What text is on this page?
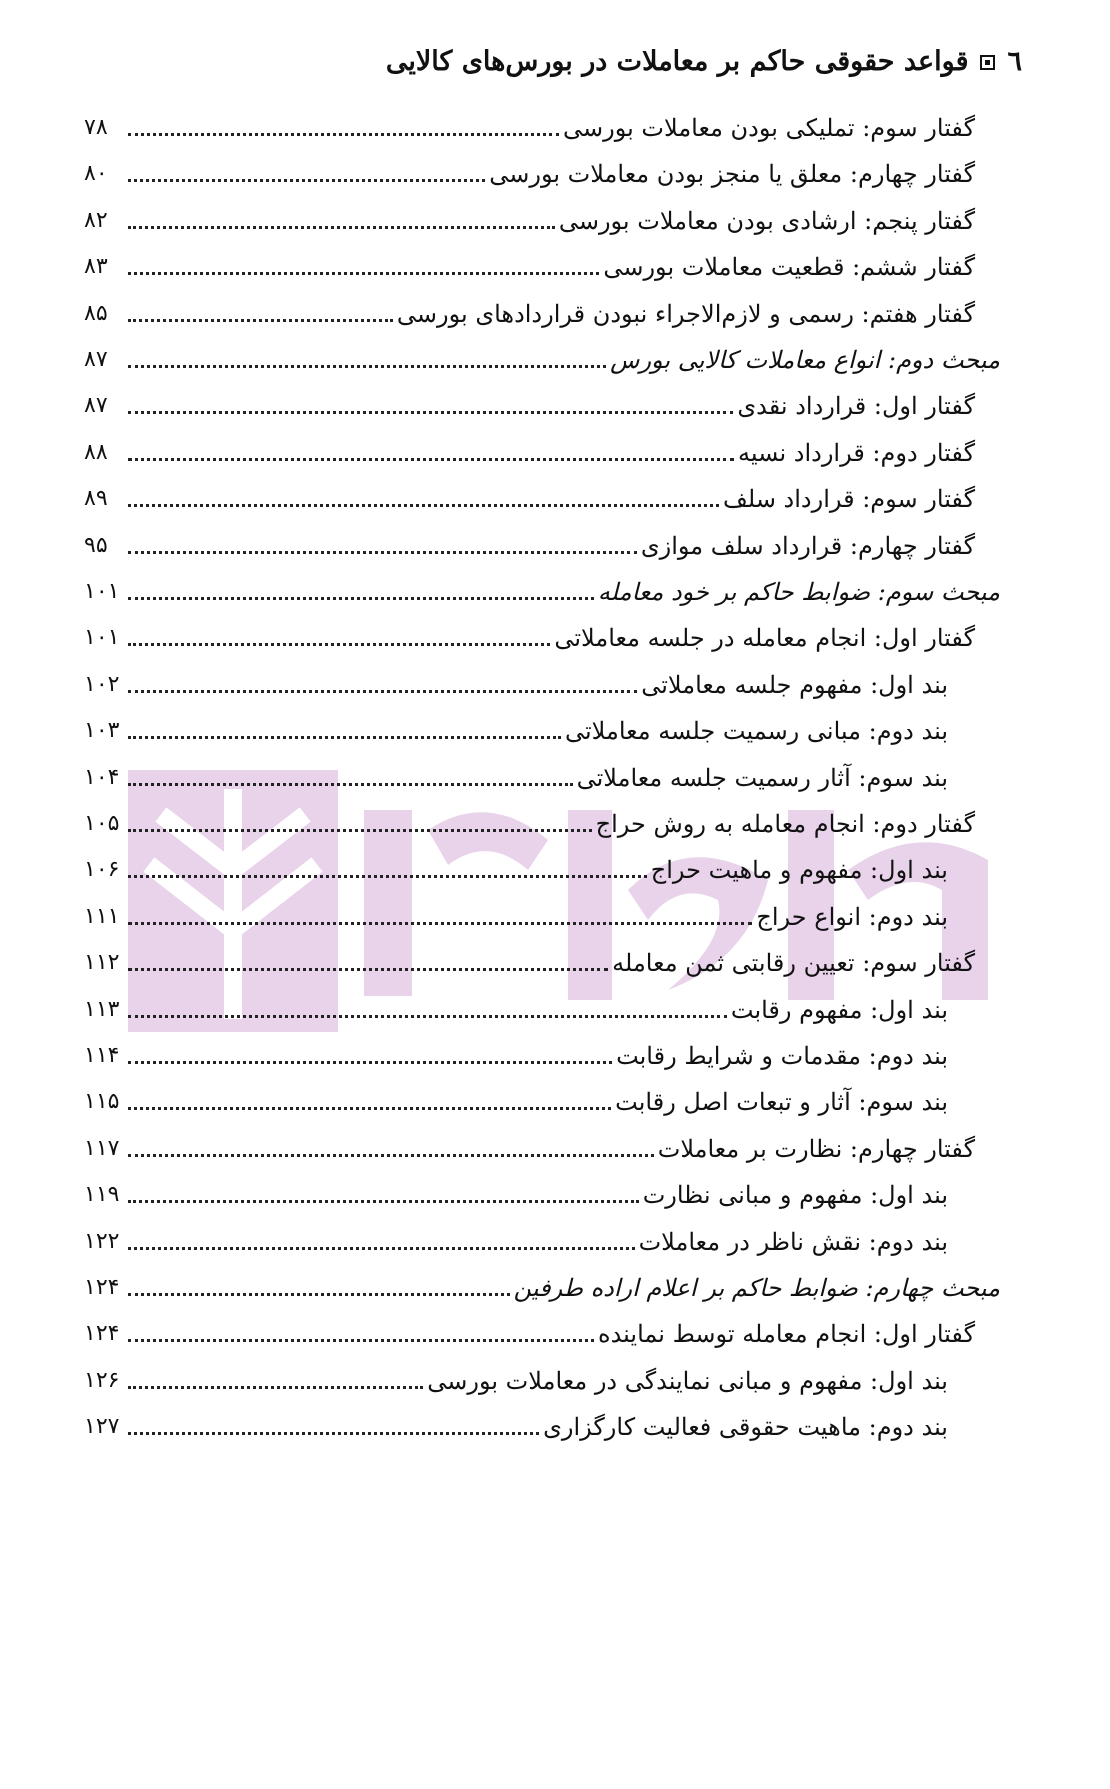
٦قواعد حقوقی حاکم بر معاملات در بورس‌های کالایی
گفتار سوم: تملیکی بودن معاملات بورسی
۷۸
گفتار چهارم: معلق یا منجز بودن معاملات بورسی
۸۰
گفتار پنجم: ارشادی بودن معاملات بورسی
۸۲
گفتار ششم: قطعیت معاملات بورسی
۸۳
گفتار هفتم: رسمی و لازم‌الاجراء نبودن قراردادهای بورسی
۸۵
مبحث دوم: انواع معاملات کالایی بورس
۸۷
گفتار اول: قرارداد نقدی
۸۷
گفتار دوم: قرارداد نسیه
۸۸
گفتار سوم: قرارداد سلف
۸۹
گفتار چهارم: قرارداد سلف موازی
۹۵
مبحث سوم: ضوابط حاکم بر خود معامله
۱۰۱
گفتار اول: انجام معامله در جلسه معاملاتی
۱۰۱
بند اول: مفهوم جلسه معاملاتی
۱۰۲
بند دوم: مبانی رسمیت جلسه معاملاتی
۱۰۳
بند سوم: آثار رسمیت جلسه معاملاتی
۱۰۴
گفتار دوم: انجام معامله به روش حراج
۱۰۵
بند اول: مفهوم و ماهیت حراج
۱۰۶
بند دوم: انواع حراج
۱۱۱
گفتار سوم: تعیین رقابتی ثمن معامله
۱۱۲
بند اول: مفهوم رقابت
۱۱۳
بند دوم: مقدمات و شرایط رقابت
۱۱۴
بند سوم: آثار و تبعات اصل رقابت
۱۱۵
گفتار چهارم: نظارت بر معاملات
۱۱۷
بند اول: مفهوم و مبانی نظارت
۱۱۹
بند دوم: نقش ناظر در معاملات
۱۲۲
مبحث چهارم: ضوابط حاکم بر اعلام اراده طرفین
۱۲۴
گفتار اول: انجام معامله توسط نماینده
۱۲۴
بند اول: مفهوم و مبانی نمایندگی در معاملات بورسی
۱۲۶
بند دوم: ماهیت حقوقی فعالیت کارگزاری
۱۲۷
